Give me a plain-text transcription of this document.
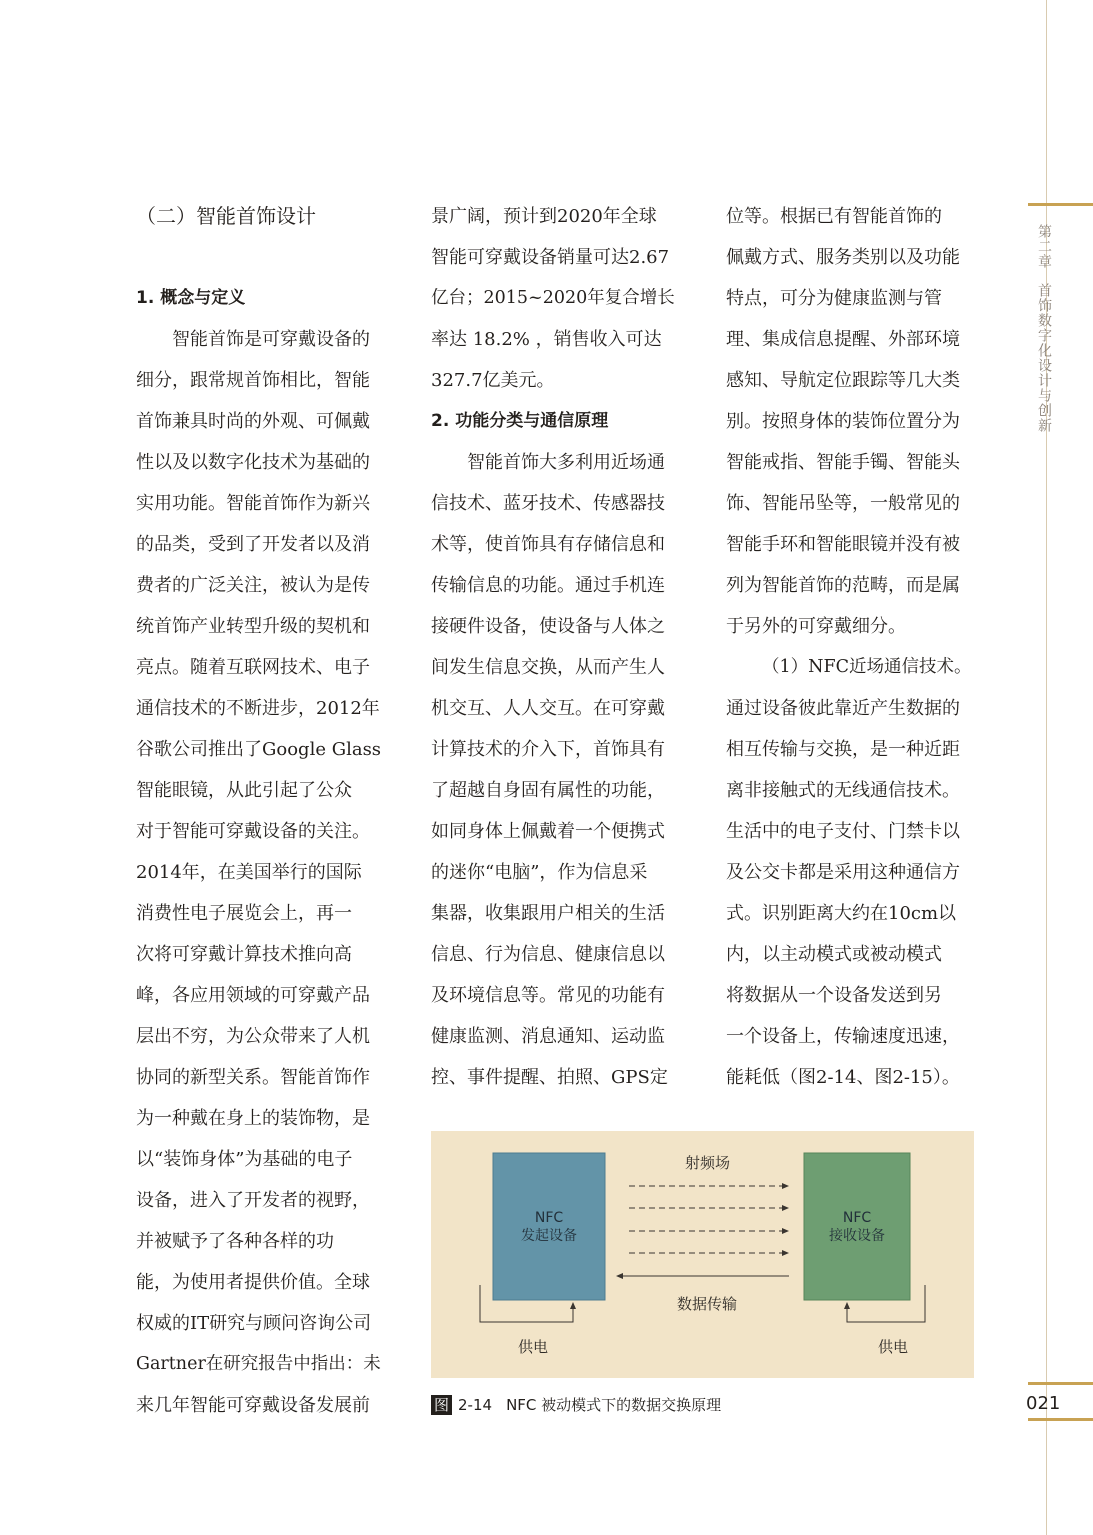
第二章首饰数字化设计与创新
021
（二）智能首饰设计
1. 概念与定义
智能首饰是可穿戴设备的
细分，跟常规首饰相比，智能
首饰兼具时尚的外观、可佩戴
性以及以数字化技术为基础的
实用功能。智能首饰作为新兴
的品类，受到了开发者以及消
费者的广泛关注，被认为是传
统首饰产业转型升级的契机和
亮点。随着互联网技术、电子
通信技术的不断进步，2012年
谷歌公司推出了Google Glass
智能眼镜，从此引起了公众
对于智能可穿戴设备的关注。
2014年，在美国举行的国际
消费性电子展览会上，再一
次将可穿戴计算技术推向高
峰，各应用领域的可穿戴产品
层出不穷，为公众带来了人机
协同的新型关系。智能首饰作
为一种戴在身上的装饰物，是
以“装饰身体”为基础的电子
设备，进入了开发者的视野，
并被赋予了各种各样的功
能，为使用者提供价值。全球
权威的IT研究与顾问咨询公司
Gartner在研究报告中指出：未
来几年智能可穿戴设备发展前
景广阔，预计到2020年全球
智能可穿戴设备销量可达2.67
亿台；2015~2020年复合增长
率达 18.2% ，销售收入可达
327.7亿美元。
2. 功能分类与通信原理
智能首饰大多利用近场通
信技术、蓝牙技术、传感器技
术等，使首饰具有存储信息和
传输信息的功能。通过手机连
接硬件设备，使设备与人体之
间发生信息交换，从而产生人
机交互、人人交互。在可穿戴
计算技术的介入下，首饰具有
了超越自身固有属性的功能，
如同身体上佩戴着一个便携式
的迷你“电脑”，作为信息采
集器，收集跟用户相关的生活
信息、行为信息、健康信息以
及环境信息等。常见的功能有
健康监测、消息通知、运动监
控、事件提醒、拍照、GPS定
位等。根据已有智能首饰的
佩戴方式、服务类别以及功能
特点，可分为健康监测与管
理、集成信息提醒、外部环境
感知、导航定位跟踪等几大类
别。按照身体的装饰位置分为
智能戒指、智能手镯、智能头
饰、智能吊坠等，一般常见的
智能手环和智能眼镜并没有被
列为智能首饰的范畴，而是属
于另外的可穿戴细分。
（1）NFC近场通信技术。
通过设备彼此靠近产生数据的
相互传输与交换，是一种近距
离非接触式的无线通信技术。
生活中的电子支付、门禁卡以
及公交卡都是采用这种通信方
式。识别距离大约在10cm以
内，以主动模式或被动模式
将数据从一个设备发送到另
一个设备上，传输速度迅速，
能耗低（图2-14、图2-15）。
射频场
NFC
发起设备
NFC
接收设备
数据传输
供电	供电
图 2-14 NFC 被动模式下的数据交换原理
